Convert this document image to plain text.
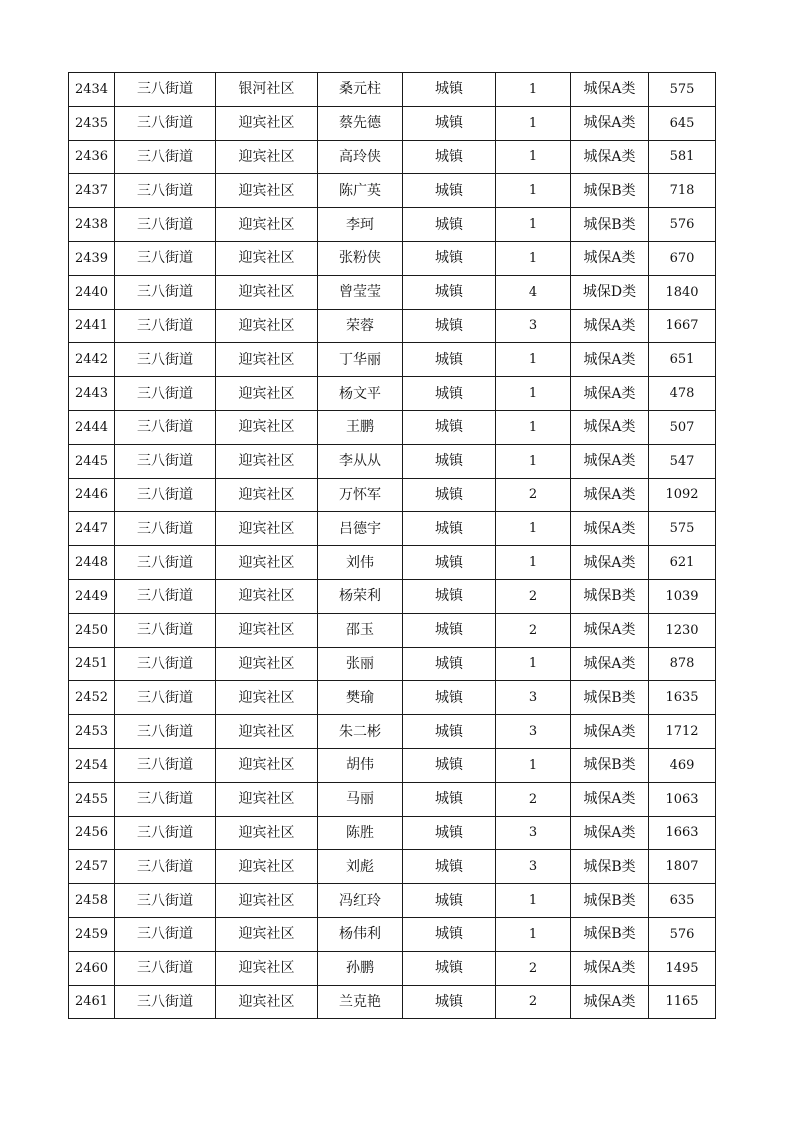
2434	三八街道	银河社区	桑元柱	城镇	1	城保A类	575
2435	三八街道	迎宾社区	蔡先德	城镇	1	城保A类	645
2436	三八街道	迎宾社区	高玲侠	城镇	1	城保A类	581
2437	三八街道	迎宾社区	陈广英	城镇	1	城保B类	718
2438	三八街道	迎宾社区	李珂	城镇	1	城保B类	576
2439	三八街道	迎宾社区	张粉侠	城镇	1	城保A类	670
2440	三八街道	迎宾社区	曾莹莹	城镇	4	城保D类	1840
2441	三八街道	迎宾社区	荣蓉	城镇	3	城保A类	1667
2442	三八街道	迎宾社区	丁华丽	城镇	1	城保A类	651
2443	三八街道	迎宾社区	杨文平	城镇	1	城保A类	478
2444	三八街道	迎宾社区	王鹏	城镇	1	城保A类	507
2445	三八街道	迎宾社区	李从从	城镇	1	城保A类	547
2446	三八街道	迎宾社区	万怀军	城镇	2	城保A类	1092
2447	三八街道	迎宾社区	吕德宇	城镇	1	城保A类	575
2448	三八街道	迎宾社区	刘伟	城镇	1	城保A类	621
2449	三八街道	迎宾社区	杨荣利	城镇	2	城保B类	1039
2450	三八街道	迎宾社区	邵玉	城镇	2	城保A类	1230
2451	三八街道	迎宾社区	张丽	城镇	1	城保A类	878
2452	三八街道	迎宾社区	樊瑜	城镇	3	城保B类	1635
2453	三八街道	迎宾社区	朱二彬	城镇	3	城保A类	1712
2454	三八街道	迎宾社区	胡伟	城镇	1	城保B类	469
2455	三八街道	迎宾社区	马丽	城镇	2	城保A类	1063
2456	三八街道	迎宾社区	陈胜	城镇	3	城保A类	1663
2457	三八街道	迎宾社区	刘彪	城镇	3	城保B类	1807
2458	三八街道	迎宾社区	冯红玲	城镇	1	城保B类	635
2459	三八街道	迎宾社区	杨伟利	城镇	1	城保B类	576
2460	三八街道	迎宾社区	孙鹏	城镇	2	城保A类	1495
2461	三八街道	迎宾社区	兰克艳	城镇	2	城保A类	1165
